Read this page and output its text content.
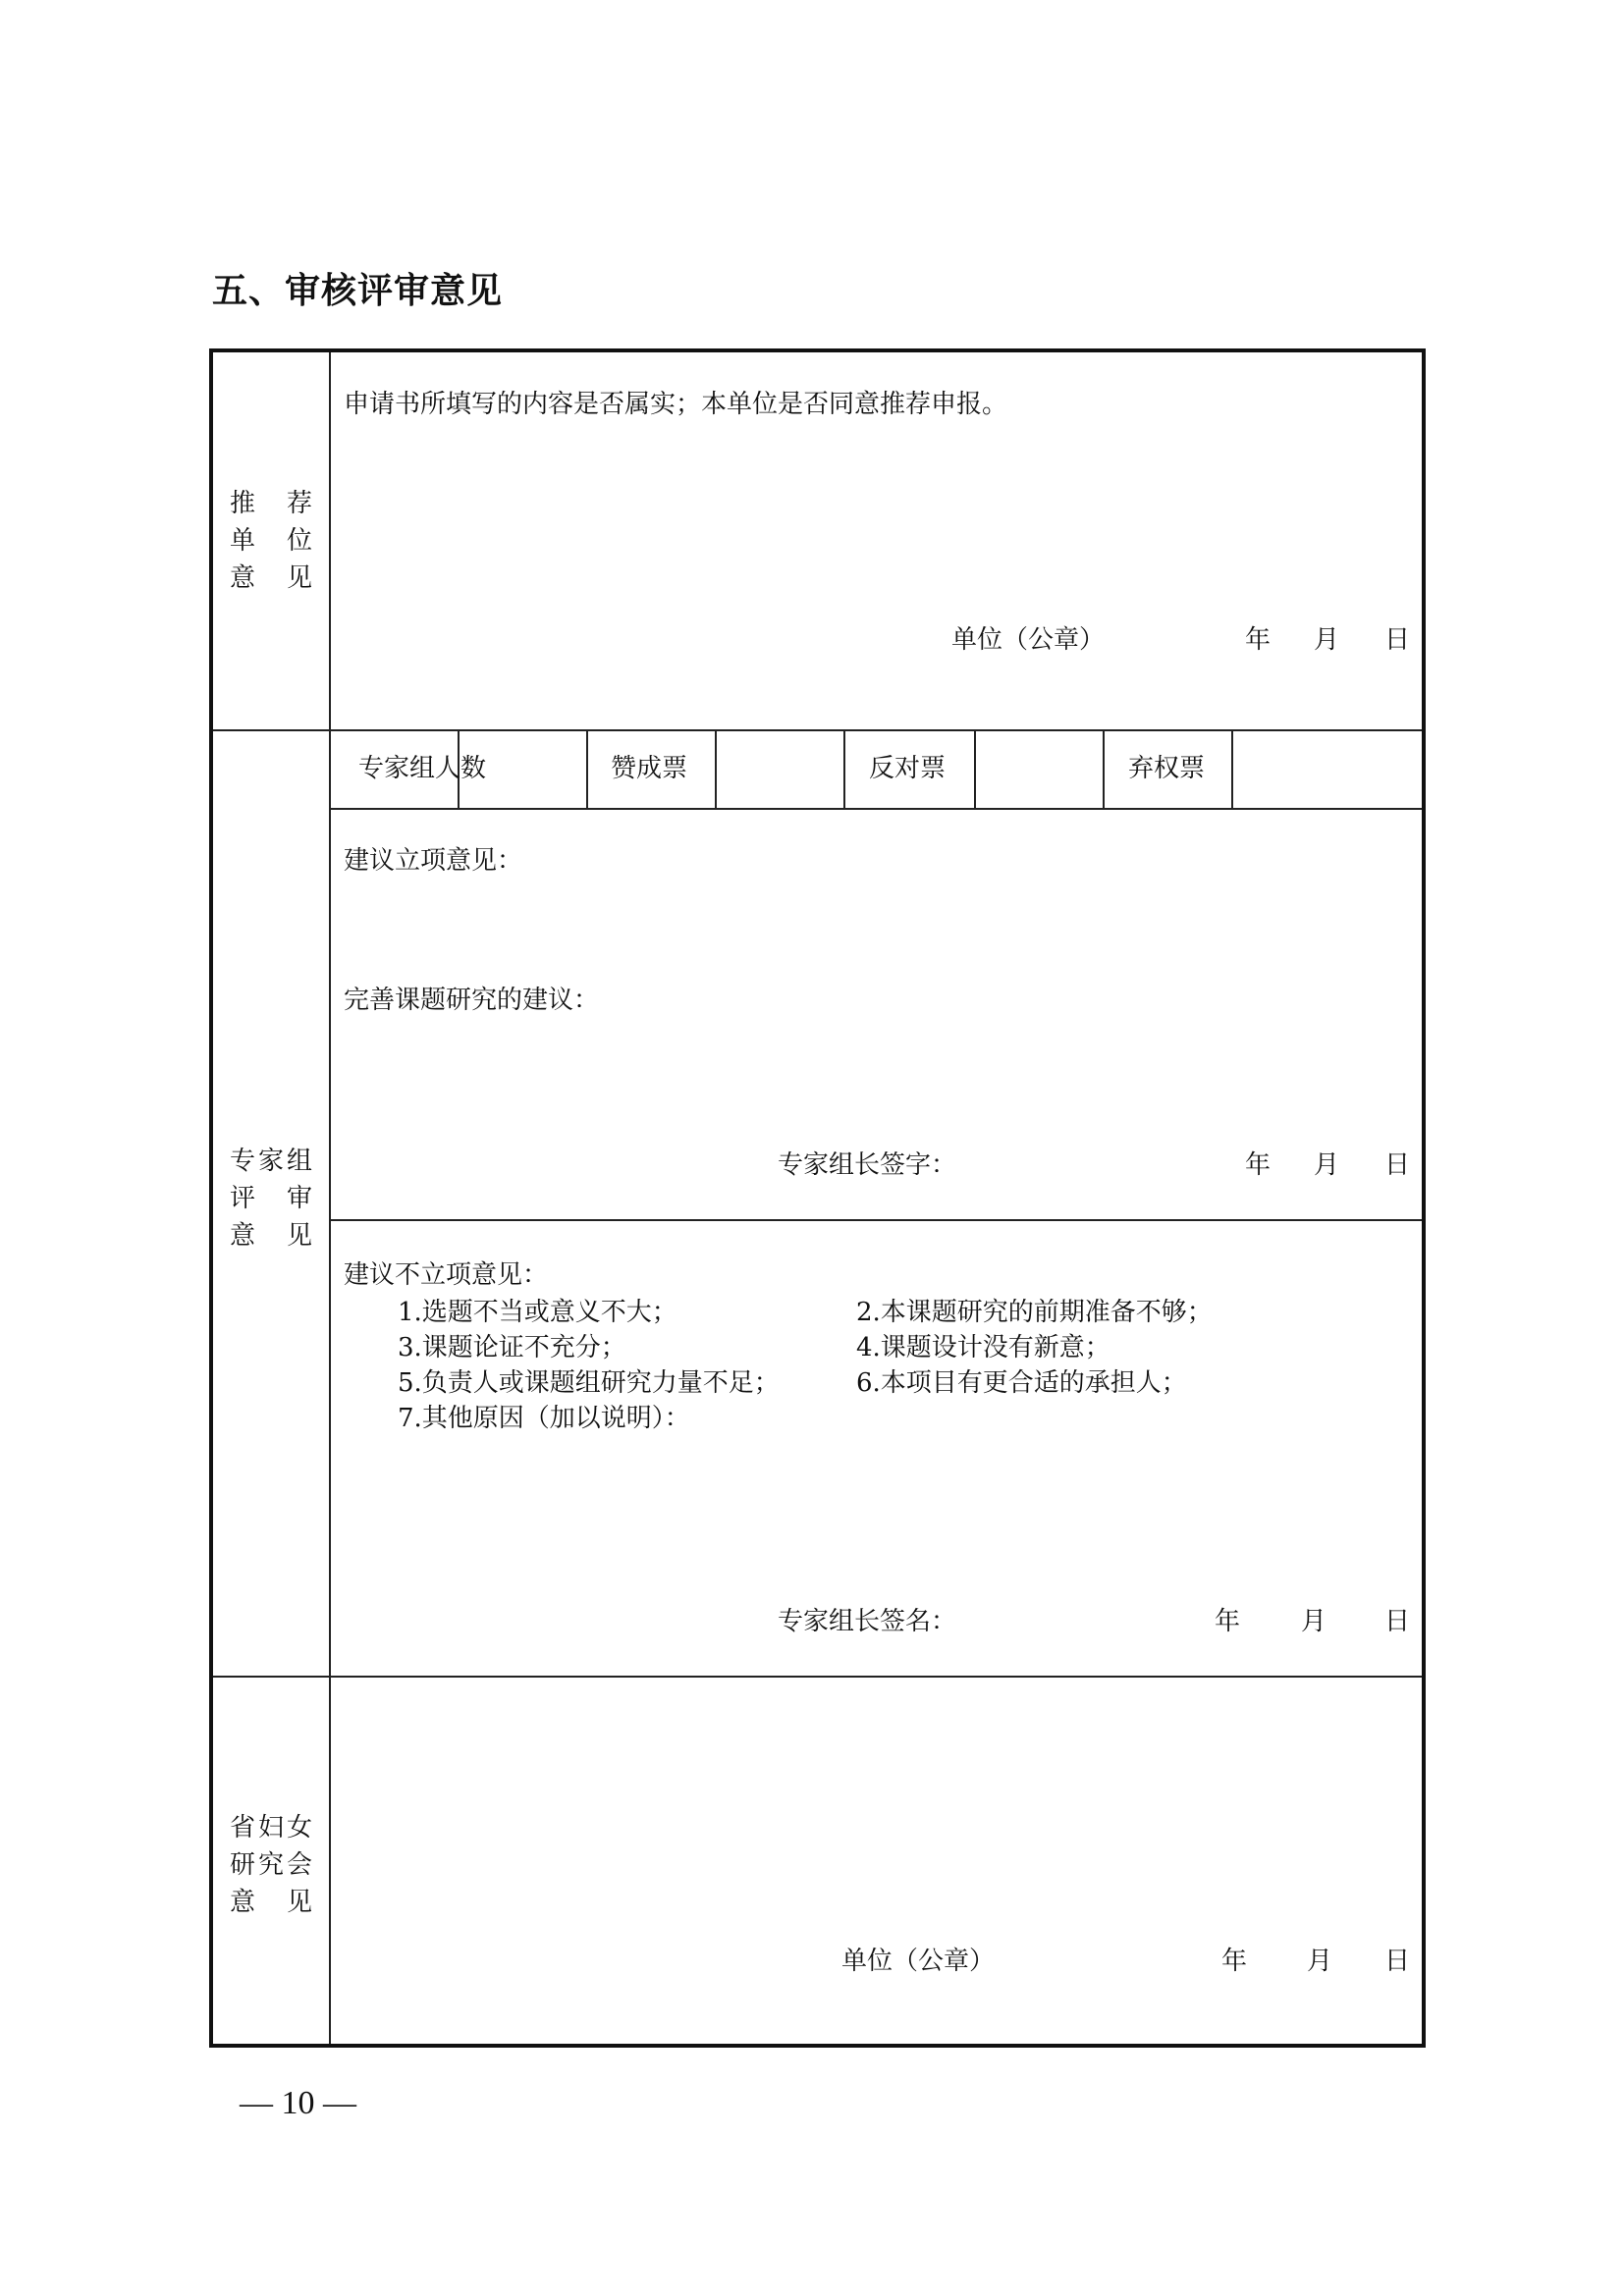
五、审核评审意见
推 荐
单 位
意 见
申请书所填写的内容是否属实；本单位是否同意推荐申报。
单位（公章）	年 月 日
专 家 组
评 审
意 见
专家组人数	赞成票	反对票	弃权票
建议立项意见：
完善课题研究的建议：
专家组长签字：	年 月 日
建议不立项意见：
1.选题不当或意义不大；	2.本课题研究的前期准备不够；
3.课题论证不充分；	4.课题设计没有新意；
5.负责人或课题组研究力量不足；	6.本项目有更合适的承担人；
7.其他原因（加以说明）：
专家组长签名：	年 月 日
省 妇 女
研 究 会
意 见
单位（公章）	年 月 日
— 10 —
